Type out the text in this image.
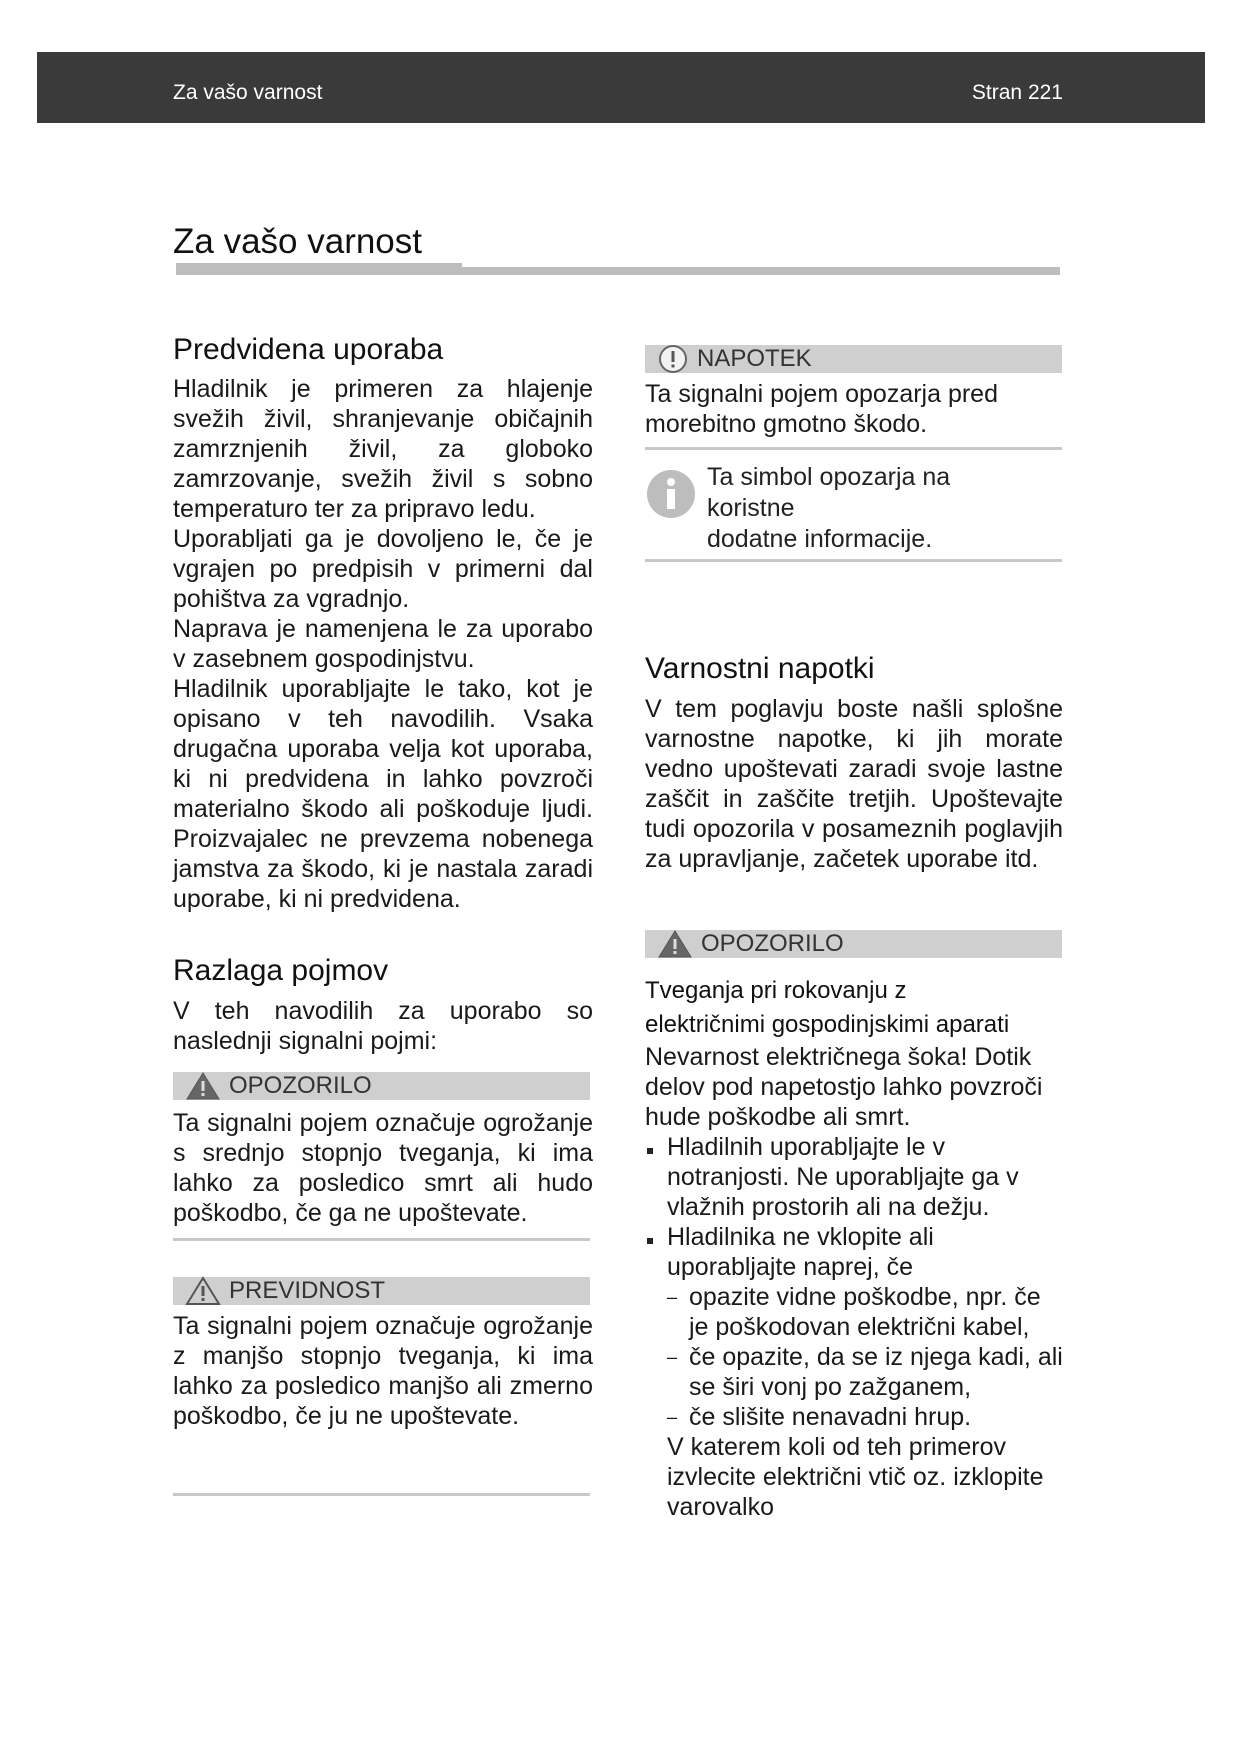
Za vašo varnost	Stran 221
Za vašo varnost
Predvidena uporaba

Hladilnik je primeren za hlajenje svežih živil, shranjevanje običajnih zamrznjenih živil, za globoko zamrzovanje, svežih živil s sobno temperaturo ter za pripravo ledu.

Uporabljati ga je dovoljeno le, če je vgrajen po predpisih v primerni dal pohištva za vgradnjo.

Naprava je namenjena le za uporabo v zasebnem gospodinjstvu.

Hladilnik uporabljajte le tako, kot je opisano v teh navodilih. Vsaka drugačna uporaba velja kot uporaba, ki ni predvidena in lahko povzroči materialno škodo ali poškoduje ljudi. Proizvajalec ne prevzema nobenega jamstva za škodo, ki je nastala zaradi uporabe, ki ni predvidena.

Razlaga pojmov

V teh navodilih za uporabo so naslednji signalni pojmi:

OPOZORILO

Ta signalni pojem označuje ogrožanje s srednjo stopnjo tveganja, ki ima lahko za posledico smrt ali hudo poškodbo, če ga ne upoštevate.

PREVIDNOST

Ta signalni pojem označuje ogrožanje z manjšo stopnjo tveganja, ki ima lahko za posledico manjšo ali zmerno poškodbo, če ju ne upoštevate.

NAPOTEK

Ta signalni pojem opozarja pred morebitno gmotno škodo.

Ta simbol opozarja na
koristne
dodatne informacije.
Varnostni napotki

V tem poglavju boste našli splošne varnostne napotke, ki jih morate vedno upoštevati zaradi svoje lastne zaščit in zaščite tretjih. Upoštevajte tudi opozorila v posameznih poglavjih za upravljanje, začetek uporabe itd.

OPOZORILO
Tveganja pri rokovanju z
električnimi gospodinjskimi aparati

Nevarnost električnega šoka! Dotik delov pod napetostjo lahko povzroči hude poškodbe ali smrt.

Hladilnih uporabljajte le v notranjosti. Ne uporabljajte ga v vlažnih prostorih ali na dežju.
Hladilnika ne vklopite ali uporabljajte naprej, če
– opazite vidne poškodbe, npr. če je poškodovan električni kabel,
– če opazite, da se iz njega kadi, ali se širi vonj po zažganem,
– če slišite nenavadni hrup.
V katerem koli od teh primerov izvlecite električni vtič oz. izklopite varovalko
